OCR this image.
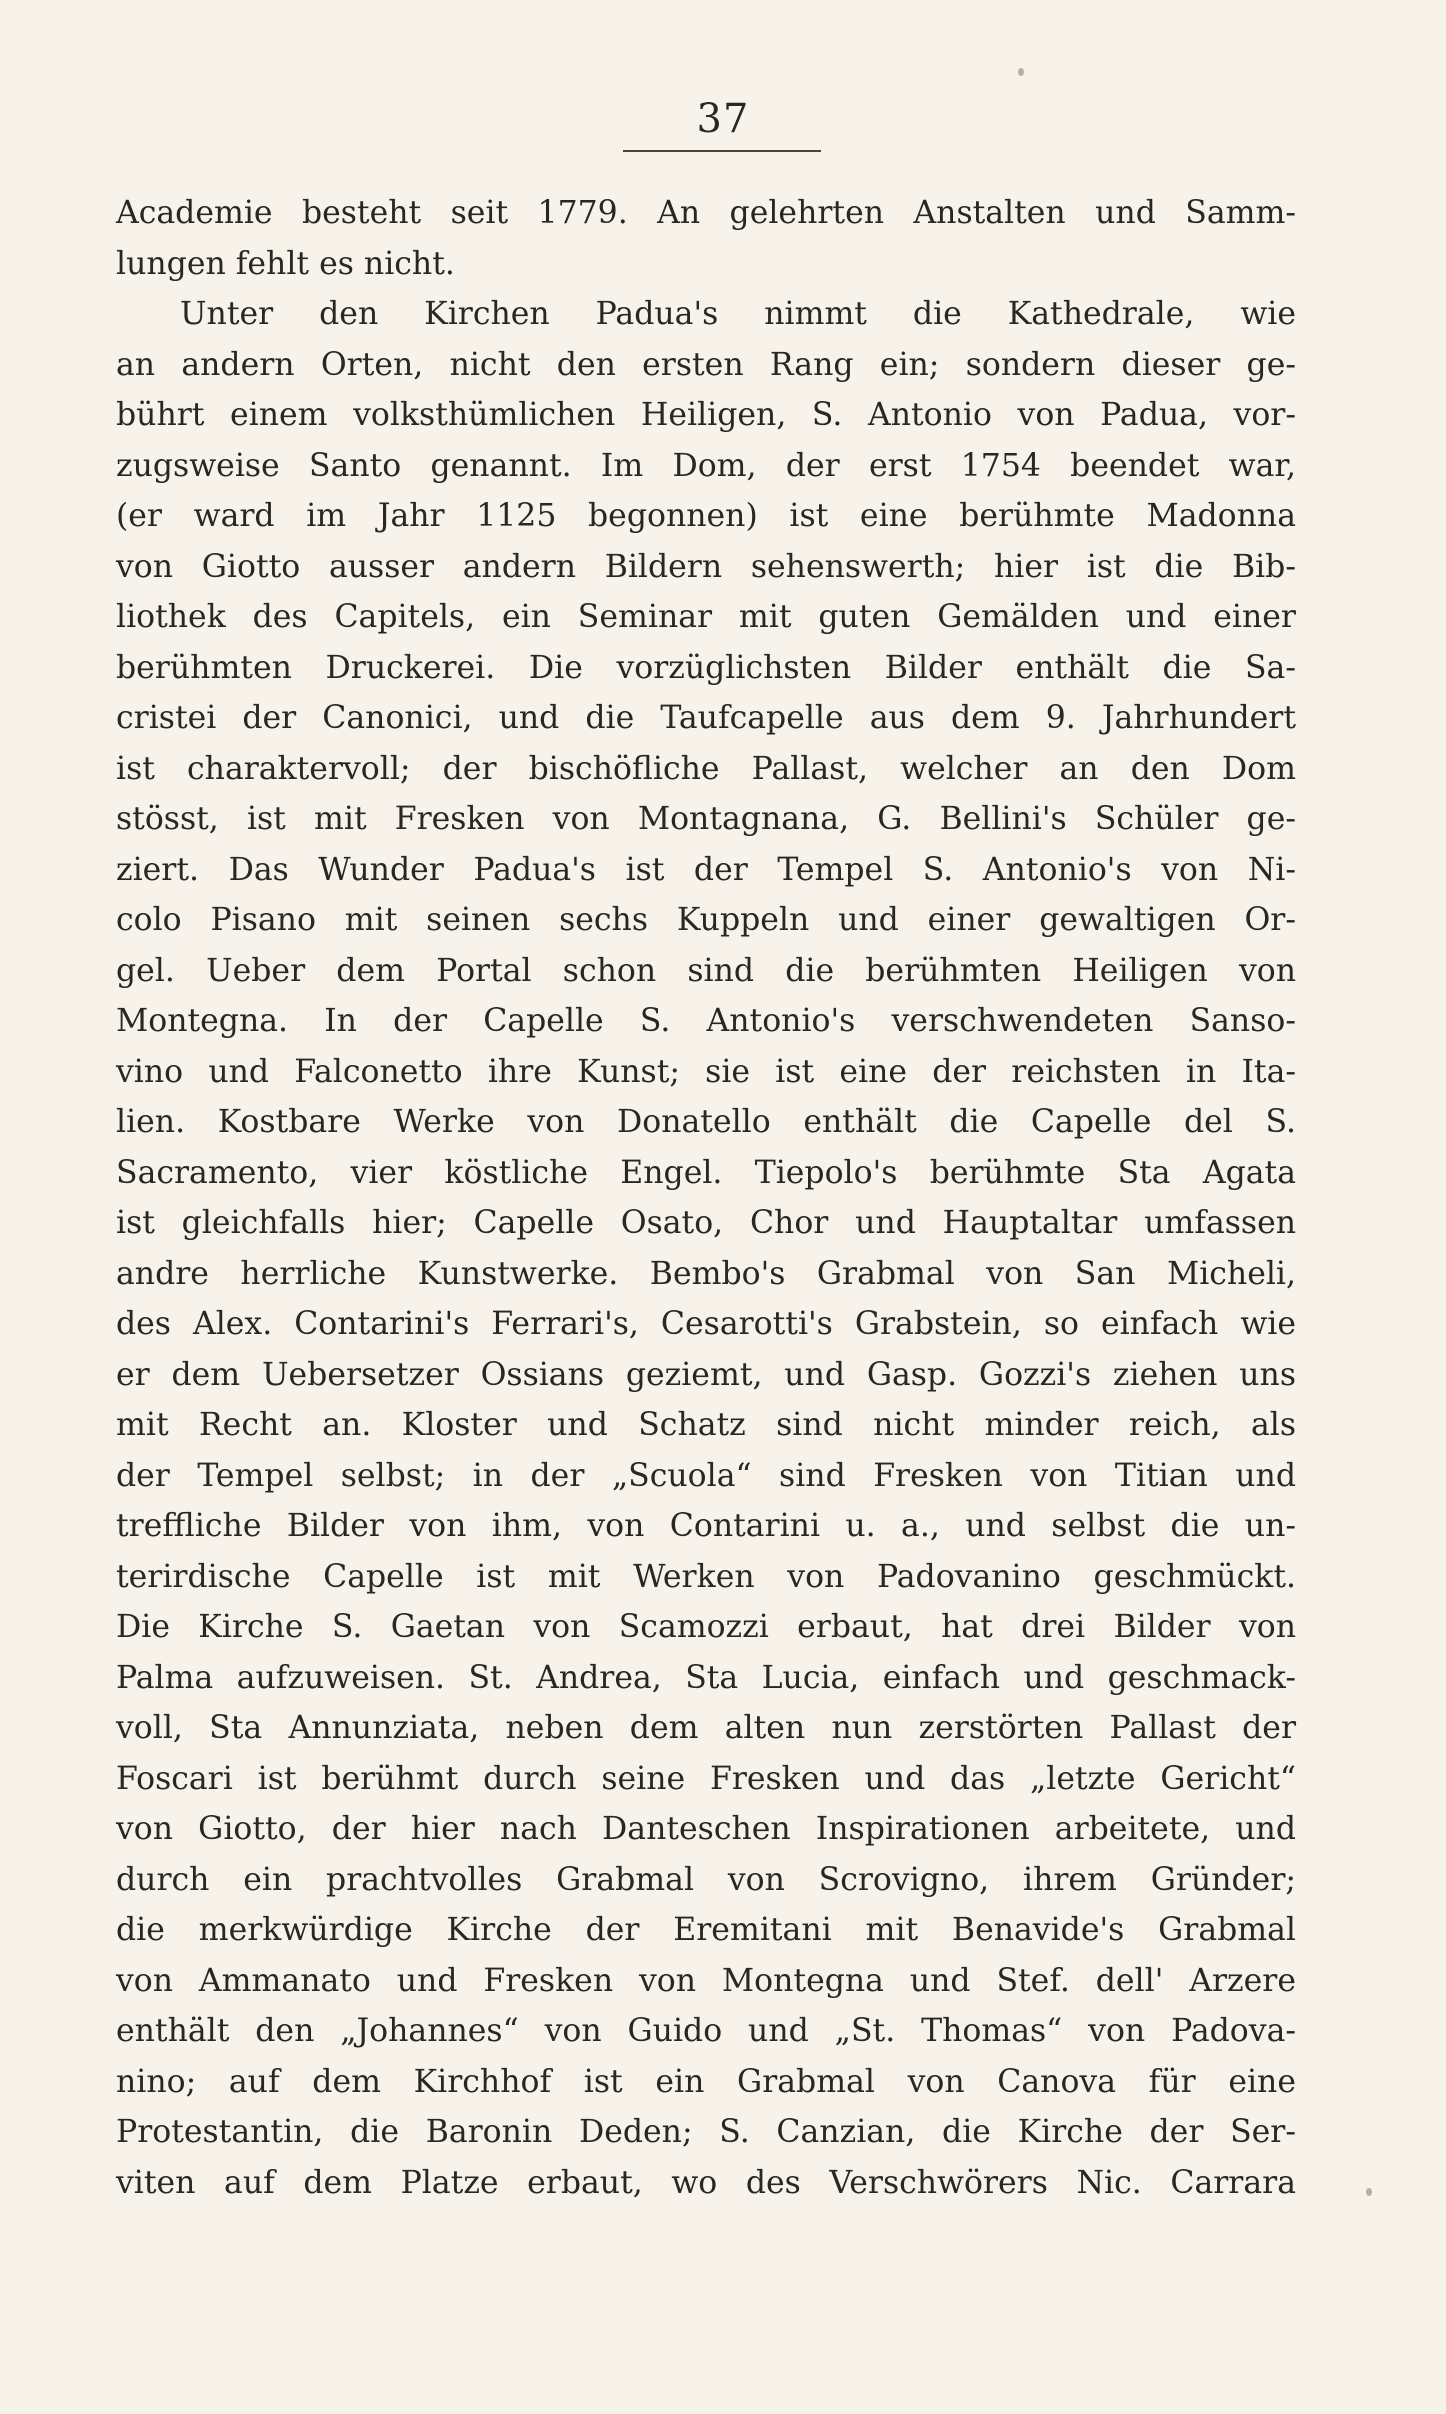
37
Academie besteht seit 1779. An gelehrten Anstalten und Samm-
lungen fehlt es nicht.
Unter den Kirchen Padua's nimmt die Kathedrale, wie
an andern Orten, nicht den ersten Rang ein; sondern dieser ge-
bührt einem volksthümlichen Heiligen, S. Antonio von Padua, vor-
zugsweise Santo genannt. Im Dom, der erst 1754 beendet war,
(er ward im Jahr 1125 begonnen) ist eine berühmte Madonna
von Giotto ausser andern Bildern sehenswerth; hier ist die Bib-
liothek des Capitels, ein Seminar mit guten Gemälden und einer
berühmten Druckerei. Die vorzüglichsten Bilder enthält die Sa-
cristei der Canonici, und die Taufcapelle aus dem 9. Jahrhundert
ist charaktervoll; der bischöfliche Pallast, welcher an den Dom
stösst, ist mit Fresken von Montagnana, G. Bellini's Schüler ge-
ziert. Das Wunder Padua's ist der Tempel S. Antonio's von Ni-
colo Pisano mit seinen sechs Kuppeln und einer gewaltigen Or-
gel. Ueber dem Portal schon sind die berühmten Heiligen von
Montegna. In der Capelle S. Antonio's verschwendeten Sanso-
vino und Falconetto ihre Kunst; sie ist eine der reichsten in Ita-
lien. Kostbare Werke von Donatello enthält die Capelle del S.
Sacramento, vier köstliche Engel. Tiepolo's berühmte Sta Agata
ist gleichfalls hier; Capelle Osato, Chor und Hauptaltar umfassen
andre herrliche Kunstwerke. Bembo's Grabmal von San Micheli,
des Alex. Contarini's Ferrari's, Cesarotti's Grabstein, so einfach wie
er dem Uebersetzer Ossians geziemt, und Gasp. Gozzi's ziehen uns
mit Recht an. Kloster und Schatz sind nicht minder reich, als
der Tempel selbst; in der „Scuola“ sind Fresken von Titian und
treffliche Bilder von ihm, von Contarini u. a., und selbst die un-
terirdische Capelle ist mit Werken von Padovanino geschmückt.
Die Kirche S. Gaetan von Scamozzi erbaut, hat drei Bilder von
Palma aufzuweisen. St. Andrea, Sta Lucia, einfach und geschmack-
voll, Sta Annunziata, neben dem alten nun zerstörten Pallast der
Foscari ist berühmt durch seine Fresken und das „letzte Gericht“
von Giotto, der hier nach Danteschen Inspirationen arbeitete, und
durch ein prachtvolles Grabmal von Scrovigno, ihrem Gründer;
die merkwürdige Kirche der Eremitani mit Benavide's Grabmal
von Ammanato und Fresken von Montegna und Stef. dell' Arzere
enthält den „Johannes“ von Guido und „St. Thomas“ von Padova-
nino; auf dem Kirchhof ist ein Grabmal von Canova für eine
Protestantin, die Baronin Deden; S. Canzian, die Kirche der Ser-
viten auf dem Platze erbaut, wo des Verschwörers Nic. Carrara
